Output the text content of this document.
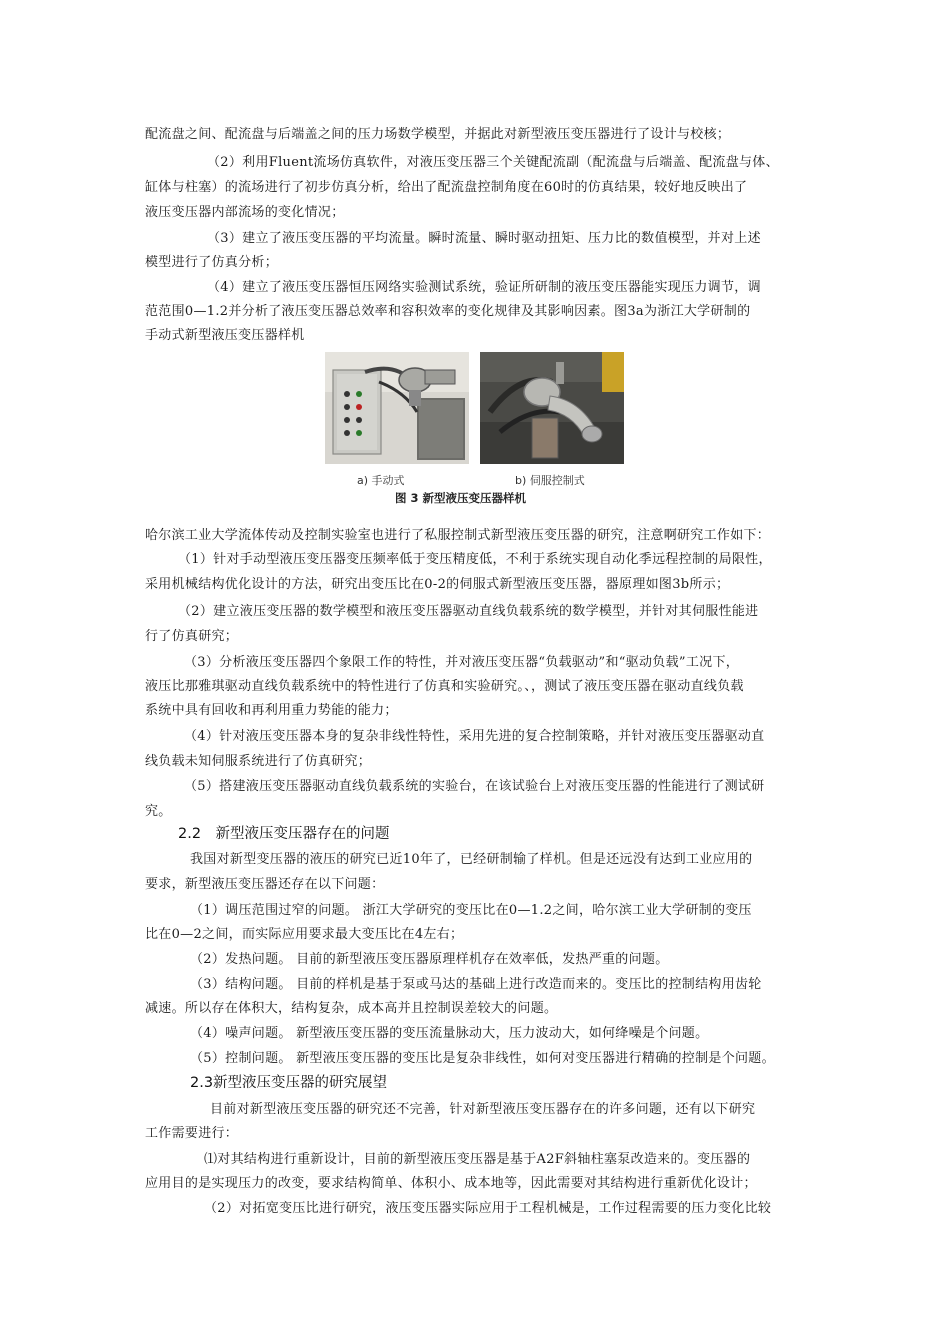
配流盘之间、配流盘与后端盖之间的压力场数学模型，并据此对新型液压变压器进行了设计与校核；
（2）利用Fluent流场仿真软件，对液压变压器三个关键配流副（配流盘与后端盖、配流盘与体、
缸体与柱塞）的流场进行了初步仿真分析，给出了配流盘控制角度在60时的仿真结果，较好地反映出了
液压变压器内部流场的变化情况；
（3）建立了液压变压器的平均流量。瞬时流量、瞬时驱动扭矩、压力比的数值模型，并对上述
模型进行了仿真分析；
（4）建立了液压变压器恒压网络实验测试系统，验证所研制的液压变压器能实现压力调节，调
范范围0—1.2并分析了液压变压器总效率和容积效率的变化规律及其影响因素。图3a为浙江大学研制的
手动式新型液压变压器样机
a) 手动式	b) 伺服控制式
图 3 新型液压变压器样机
哈尔滨工业大学流体传动及控制实验室也进行了私服控制式新型液压变压器的研究，注意啊研究工作如下：
（1）针对手动型液压变压器变压频率低于变压精度低，不利于系统实现自动化季远程控制的局限性，
采用机械结构优化设计的方法，研究出变压比在0-2的伺服式新型液压变压器，器原理如图3b所示；
（2）建立液压变压器的数学模型和液压变压器驱动直线负载系统的数学模型，并针对其伺服性能进
行了仿真研究；
（3）分析液压变压器四个象限工作的特性，并对液压变压器“负载驱动”和“驱动负载”工况下，
液压比那雅琪驱动直线负载系统中的特性进行了仿真和实验研究。、，测试了液压变压器在驱动直线负载
系统中具有回收和再利用重力势能的能力；
（4）针对液压变压器本身的复杂非线性特性，采用先进的复合控制策略，并针对液压变压器驱动直
线负载未知伺服系统进行了仿真研究；
（5）搭建液压变压器驱动直线负载系统的实验台，在该试验台上对液压变压器的性能进行了测试研
究。
2.2　新型液压变压器存在的问题
我国对新型变压器的液压的研究已近10年了，已经研制输了样机。但是还远没有达到工业应用的
要求，新型液压变压器还存在以下问题：
（1）调压范围过窄的问题。 浙江大学研究的变压比在0—1.2之间，哈尔滨工业大学研制的变压
比在0—2之间，而实际应用要求最大变压比在4左右；
（2）发热问题。 目前的新型液压变压器原理样机存在效率低，发热严重的问题。
（3）结构问题。 目前的样机是基于泵或马达的基础上进行改造而来的。变压比的控制结构用齿轮
减速。所以存在体积大，结构复杂，成本高并且控制误差较大的问题。
（4）噪声问题。 新型液压变压器的变压流量脉动大，压力波动大，如何绛噪是个问题。
（5）控制问题。 新型液压变压器的变压比是复杂非线性，如何对变压器进行精确的控制是个问题。
2.3新型液压变压器的研究展望
目前对新型液压变压器的研究还不完善，针对新型液压变压器存在的许多问题，还有以下研究
工作需要进行：
⑴对其结构进行重新设计，目前的新型液压变压器是基于A2F斜轴柱塞泵改造来的。变压器的
应用目的是实现压力的改变，要求结构简单、体积小、成本地等，因此需要对其结构进行重新优化设计；
（2）对拓宽变压比进行研究，液压变压器实际应用于工程机械是，工作过程需要的压力变化比较
